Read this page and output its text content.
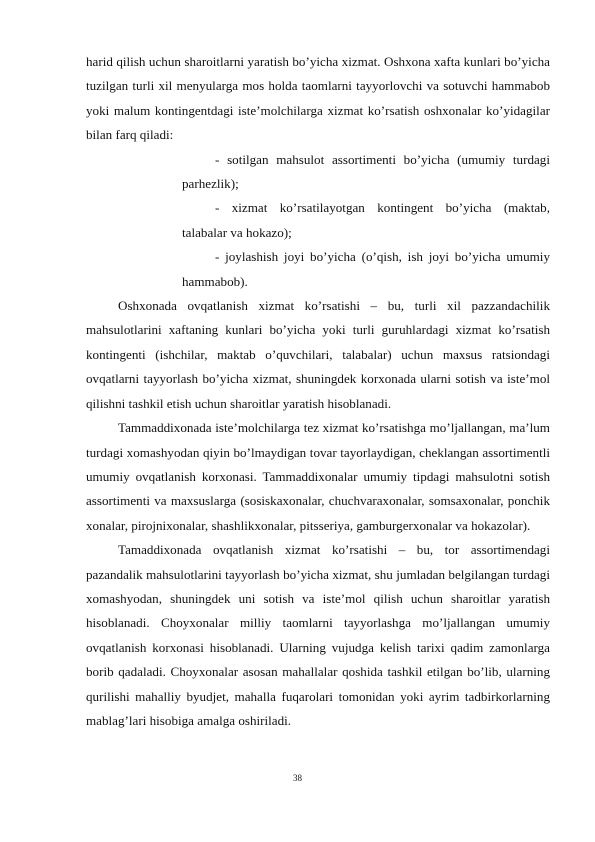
harid qilish uchun sharoitlarni yaratish bo’yicha xizmat. Oshxona xafta kunlari bo’yicha tuzilgan turli xil menyularga mos holda taomlarni tayyorlovchi va sotuvchi hammabob yoki malum kontingentdagi iste’molchilarga xizmat ko’rsatish oshxonalar ko’yidagilar bilan farq qiladi:

- sotilgan mahsulot assortimenti bo’yicha (umumiy turdagi parhezlik);

- xizmat ko’rsatilayotgan kontingent bo’yicha (maktab, talabalar va hokazo);

- joylashish joyi bo’yicha (o’qish, ish joyi bo’yicha umumiy hammabob).

Oshxonada ovqatlanish xizmat ko’rsatishi – bu, turli xil pazzandachilik mahsulotlarini xaftaning kunlari bo’yicha yoki turli guruhlardagi xizmat ko’rsatish kontingenti (ishchilar, maktab o’quvchilari, talabalar) uchun maxsus ratsiondagi ovqatlarni tayyorlash bo’yicha xizmat, shuningdek korxonada ularni sotish va iste’mol qilishni tashkil etish uchun sharoitlar yaratish hisoblanadi.

Tammaddixonada iste’molchilarga tez xizmat ko’rsatishga mo’ljallangan, ma’lum turdagi xomashyodan qiyin bo’lmaydigan tovar tayorlaydigan, cheklangan assortimentli umumiy ovqatlanish korxonasi. Tammaddixonalar umumiy tipdagi mahsulotni sotish assortimenti va maxsuslarga (sosiskaxonalar, chuchvaraxonalar, somsaxonalar, ponchik xonalar, pirojnixonalar, shashlikxonalar, pitsseriya, gamburgerxonalar va hokazolar).

Tamaddixonada ovqatlanish xizmat ko’rsatishi – bu, tor assortimendagi pazandalik mahsulotlarini tayyorlash bo’yicha xizmat, shu jumladan belgilangan turdagi xomashyodan, shuningdek uni sotish va iste’mol qilish uchun sharoitlar yaratish hisoblanadi. Choyxonalar milliy taomlarni tayyorlashga mo’ljallangan umumiy ovqatlanish korxonasi hisoblanadi. Ularning vujudga kelish tarixi qadim zamonlarga borib qadaladi. Choyxonalar asosan mahallalar qoshida tashkil etilgan bo’lib, ularning qurilishi mahalliy byudjet, mahalla fuqarolari tomonidan yoki ayrim tadbirkorlarning mablag’lari hisobiga amalga oshiriladi.

38
